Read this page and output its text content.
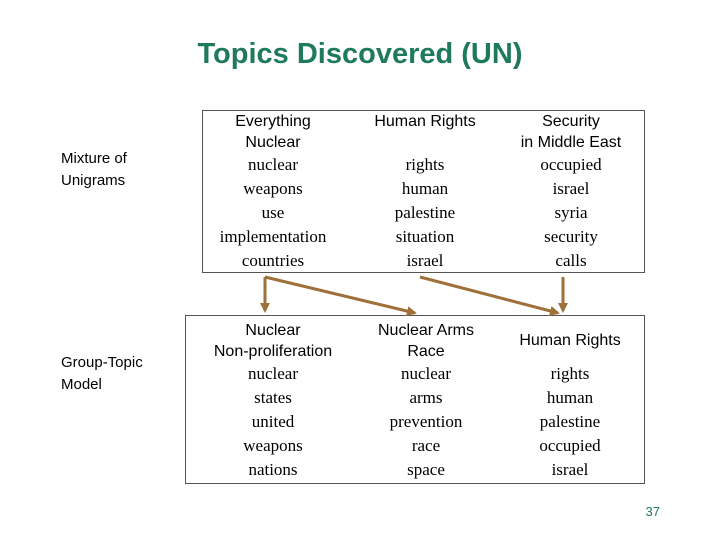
Topics Discovered (UN)
Mixture of
Unigrams
Group-Topic
Model
Everything
Nuclear
nuclear
weapons
use
implementation
countries
Human Rights
rights
human
palestine
situation
israel
Security
in Middle East
occupied
israel
syria
security
calls
Nuclear
Non-proliferation
nuclear
states
united
weapons
nations
Nuclear Arms
Race
nuclear
arms
prevention
race
space
Human Rights
rights
human
palestine
occupied
israel
37
